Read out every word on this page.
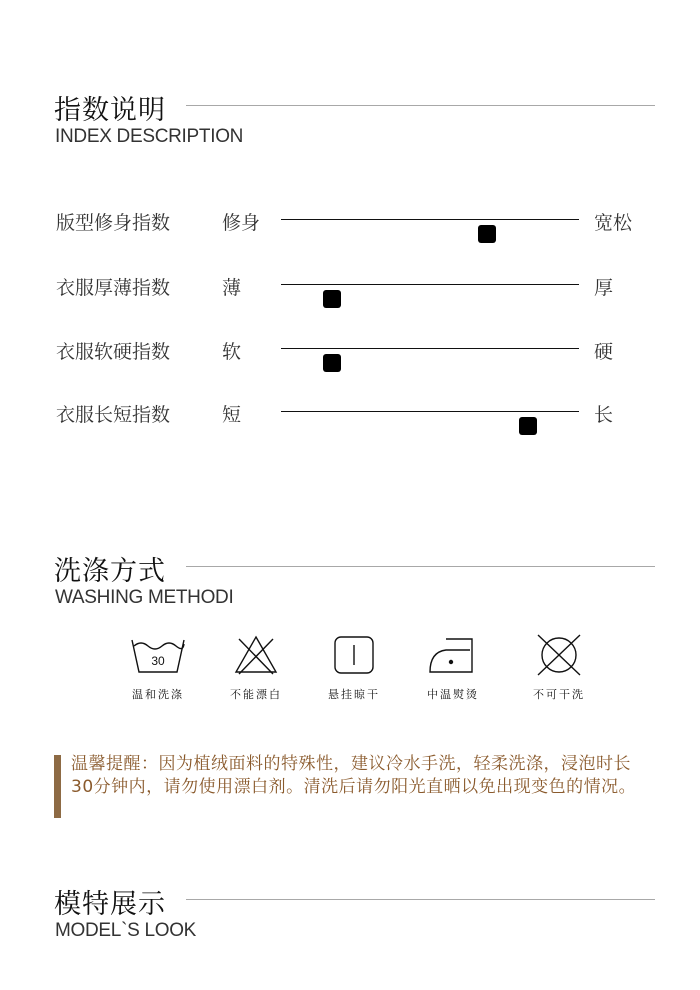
指数说明
INDEX DESCRIPTION
版型修身指数	修身	宽松
衣服厚薄指数	薄	厚
衣服软硬指数	软	硬
衣服长短指数	短	长
洗涤方式
WASHING METHODI
30
温和洗涤	不能漂白	悬挂晾干	中温熨烫	不可干洗
温馨提醒：因为植绒面料的特殊性，建议冷水手洗，轻柔洗涤，浸泡时长30分钟内，请勿使用漂白剂。清洗后请勿阳光直晒以免出现变色的情况。
模特展示
MODEL`S LOOK
